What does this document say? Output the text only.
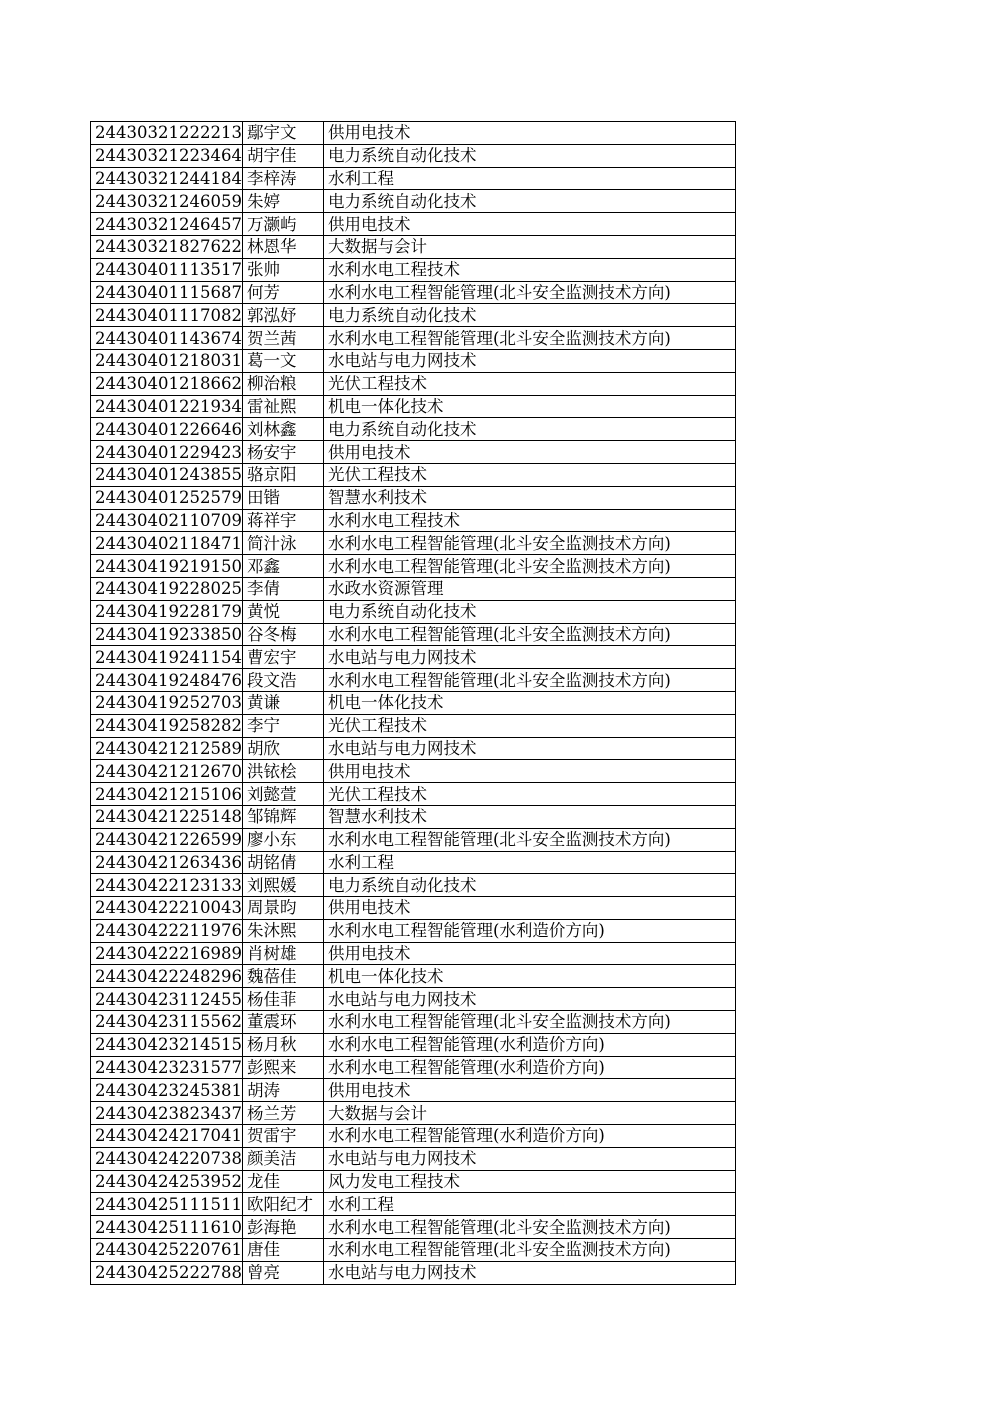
24430321222213	鄢宇文	供用电技术
24430321223464	胡宇佳	电力系统自动化技术
24430321244184	李梓涛	水利工程
24430321246059	朱婷	电力系统自动化技术
24430321246457	万灏屿	供用电技术
24430321827622	林恩华	大数据与会计
24430401113517	张帅	水利水电工程技术
24430401115687	何芳	水利水电工程智能管理(北斗安全监测技术方向)
24430401117082	郭泓妤	电力系统自动化技术
24430401143674	贺兰茜	水利水电工程智能管理(北斗安全监测技术方向)
24430401218031	葛一文	水电站与电力网技术
24430401218662	柳治粮	光伏工程技术
24430401221934	雷祉熙	机电一体化技术
24430401226646	刘林鑫	电力系统自动化技术
24430401229423	杨安宇	供用电技术
24430401243855	骆京阳	光伏工程技术
24430401252579	田锴	智慧水利技术
24430402110709	蒋祥宇	水利水电工程技术
24430402118471	简汁泳	水利水电工程智能管理(北斗安全监测技术方向)
24430419219150	邓鑫	水利水电工程智能管理(北斗安全监测技术方向)
24430419228025	李倩	水政水资源管理
24430419228179	黄悦	电力系统自动化技术
24430419233850	谷冬梅	水利水电工程智能管理(北斗安全监测技术方向)
24430419241154	曹宏宇	水电站与电力网技术
24430419248476	段文浩	水利水电工程智能管理(北斗安全监测技术方向)
24430419252703	黄谦	机电一体化技术
24430419258282	李宁	光伏工程技术
24430421212589	胡欣	水电站与电力网技术
24430421212670	洪铱桧	供用电技术
24430421215106	刘懿萱	光伏工程技术
24430421225148	邹锦辉	智慧水利技术
24430421226599	廖小东	水利水电工程智能管理(北斗安全监测技术方向)
24430421263436	胡铭倩	水利工程
24430422123133	刘熙媛	电力系统自动化技术
24430422210043	周景昀	供用电技术
24430422211976	朱沐熙	水利水电工程智能管理(水利造价方向)
24430422216989	肖树雄	供用电技术
24430422248296	魏蓓佳	机电一体化技术
24430423112455	杨佳菲	水电站与电力网技术
24430423115562	董震环	水利水电工程智能管理(北斗安全监测技术方向)
24430423214515	杨月秋	水利水电工程智能管理(水利造价方向)
24430423231577	彭熙来	水利水电工程智能管理(水利造价方向)
24430423245381	胡涛	供用电技术
24430423823437	杨兰芳	大数据与会计
24430424217041	贺雷宇	水利水电工程智能管理(水利造价方向)
24430424220738	颜美洁	水电站与电力网技术
24430424253952	龙佳	风力发电工程技术
24430425111511	欧阳纪才	水利工程
24430425111610	彭海艳	水利水电工程智能管理(北斗安全监测技术方向)
24430425220761	唐佳	水利水电工程智能管理(北斗安全监测技术方向)
24430425222788	曾亮	水电站与电力网技术
